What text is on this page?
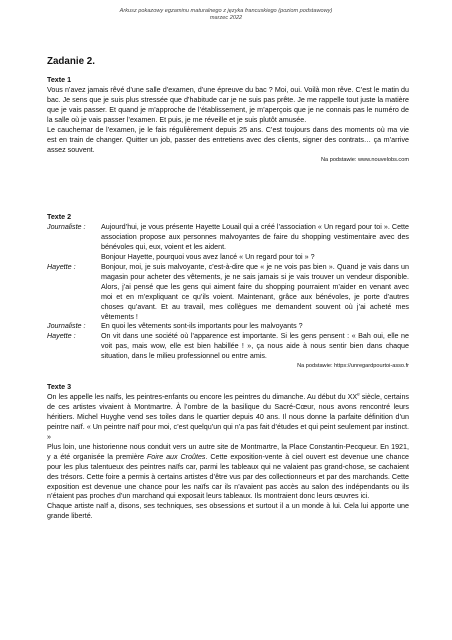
Arkusz pokazowy egzaminu maturalnego z języka francuskiego (poziom podstawowy)
marzec 2022
Zadanie 2.

Texte 1

Vous n’avez jamais rêvé d’une salle d’examen, d’une épreuve du bac ? Moi, oui. Voilà mon rêve. C’est le matin du bac. Je sens que je suis plus stressée que d’habitude car je ne suis pas prête. Je me rappelle tout juste la matière que je vais passer. Et quand je m’approche de l’établissement, je m’aperçois que je ne connais pas le numéro de la salle où je vais passer l’examen. Et puis, je me réveille et je suis plutôt amusée.

Le cauchemar de l’examen, je le fais régulièrement depuis 25 ans. C’est toujours dans des moments où ma vie est en train de changer. Quitter un job, passer des entretiens avec des clients, signer des contrats… ça m’arrive assez souvent.

Na podstawie: www.nouvelobs.com

Texte 2

Journaliste :	Aujourd’hui, je vous présente Hayette Louail qui a créé l’association « Un regard pour toi ». Cette association propose aux personnes malvoyantes de faire du shopping vestimentaire avec des bénévoles qui, eux, voient et les aident.

Bonjour Hayette, pourquoi vous avez lancé « Un regard pour toi » ?

Hayette :	Bonjour, moi, je suis malvoyante, c’est-à-dire que « je ne vois pas bien ». Quand je vais dans un magasin pour acheter des vêtements, je ne sais jamais si je vais trouver un vendeur disponible. Alors, j’ai pensé que les gens qui aiment faire du shopping pourraient m’aider en venant avec moi et en m’expliquant ce qu’ils voient. Maintenant, grâce aux bénévoles, je porte d’autres choses qu’avant. Et au travail, mes collègues me demandent souvent où j’ai acheté mes vêtements !

Journaliste :	En quoi les vêtements sont-ils importants pour les malvoyants ?

Hayette :	On vit dans une société où l’apparence est importante. Si les gens pensent : « Bah oui, elle ne voit pas, mais wow, elle est bien habillée ! », ça nous aide à nous sentir bien dans chaque situation, dans le milieu professionnel ou entre amis.

Na podstawie: https://unregardpourtoi-asso.fr

Texte 3

On les appelle les naïfs, les peintres-enfants ou encore les peintres du dimanche. Au début du XXe siècle, certains de ces artistes vivaient à Montmartre. À l’ombre de la basilique du Sacré-Cœur, nous avons rencontré leurs héritiers. Michel Huyghe vend ses toiles dans le quartier depuis 40 ans. Il nous donne la parfaite définition d’un peintre naïf. « Un peintre naïf pour moi, c’est quelqu’un qui n’a pas fait d’études et qui peint seulement par instinct. »

Plus loin, une historienne nous conduit vers un autre site de Montmartre, la Place Constantin-Pecqueur. En 1921, y a été organisée la première Foire aux Croûtes. Cette exposition-vente à ciel ouvert est devenue une chance pour les plus talentueux des peintres naïfs car, parmi les tableaux qui ne valaient pas grand-chose, se cachaient des trésors. Cette foire a permis à certains artistes d’être vus par des collectionneurs et par des marchands. Cette exposition est devenue une chance pour les naïfs car ils n’avaient pas accès au salon des indépendants ou ils n’étaient pas proches d’un marchand qui exposait leurs tableaux. Ils montraient donc leurs œuvres ici.

Chaque artiste naïf a, disons, ses techniques, ses obsessions et surtout il a un monde à lui. Cela lui apporte une grande liberté.
